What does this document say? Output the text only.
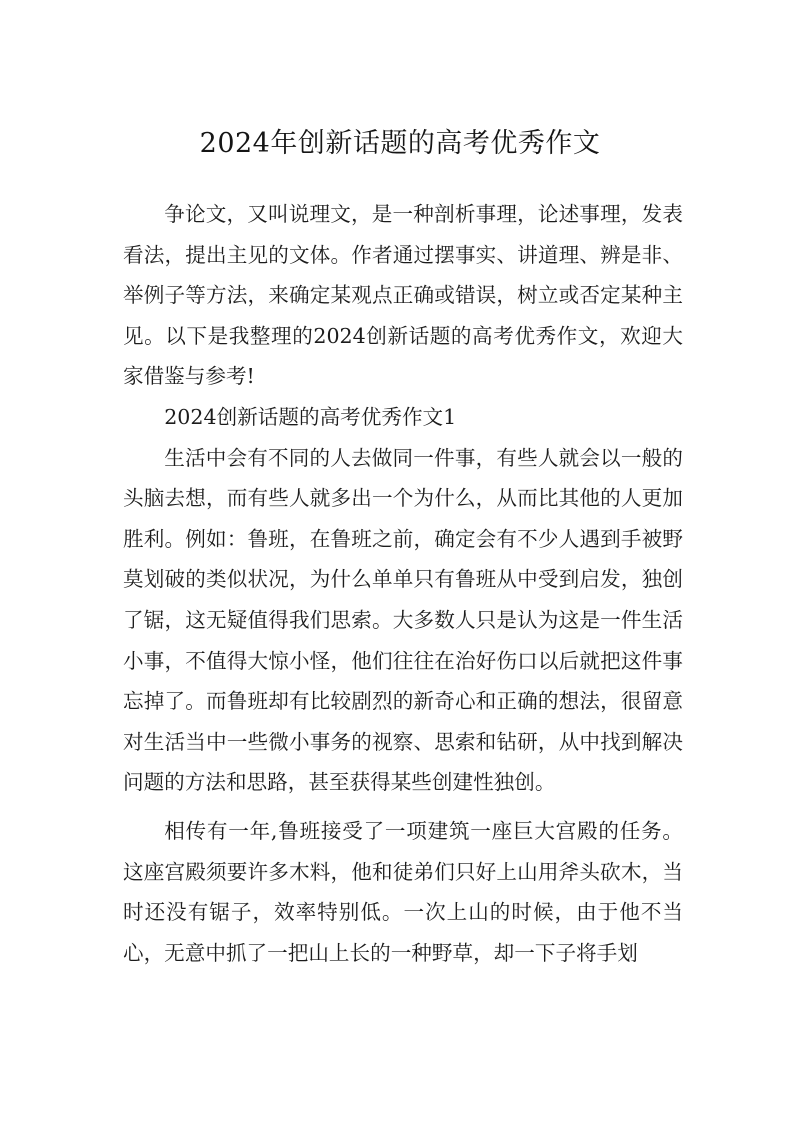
2024年创新话题的高考优秀作文

争论文，又叫说理文，是一种剖析事理，论述事理，发表看法，提出主见的文体。作者通过摆事实、讲道理、辨是非、举例子等方法，来确定某观点正确或错误，树立或否定某种主见。以下是我整理的2024创新话题的高考优秀作文，欢迎大家借鉴与参考!

2024创新话题的高考优秀作文1

生活中会有不同的人去做同一件事，有些人就会以一般的头脑去想，而有些人就多出一个为什么，从而比其他的人更加胜利。例如：鲁班，在鲁班之前，确定会有不少人遇到手被野莫划破的类似状况，为什么单单只有鲁班从中受到启发，独创了锯，这无疑值得我们思索。大多数人只是认为这是一件生活小事，不值得大惊小怪，他们往往在治好伤口以后就把这件事忘掉了。而鲁班却有比较剧烈的新奇心和正确的想法，很留意对生活当中一些微小事务的视察、思索和钻研，从中找到解决问题的方法和思路，甚至获得某些创建性独创。

相传有一年,鲁班接受了一项建筑一座巨大宫殿的任务。这座宫殿须要许多木料，他和徒弟们只好上山用斧头砍木，当时还没有锯子，效率特别低。一次上山的时候，由于他不当心，无意中抓了一把山上长的一种野草，却一下子将手划
